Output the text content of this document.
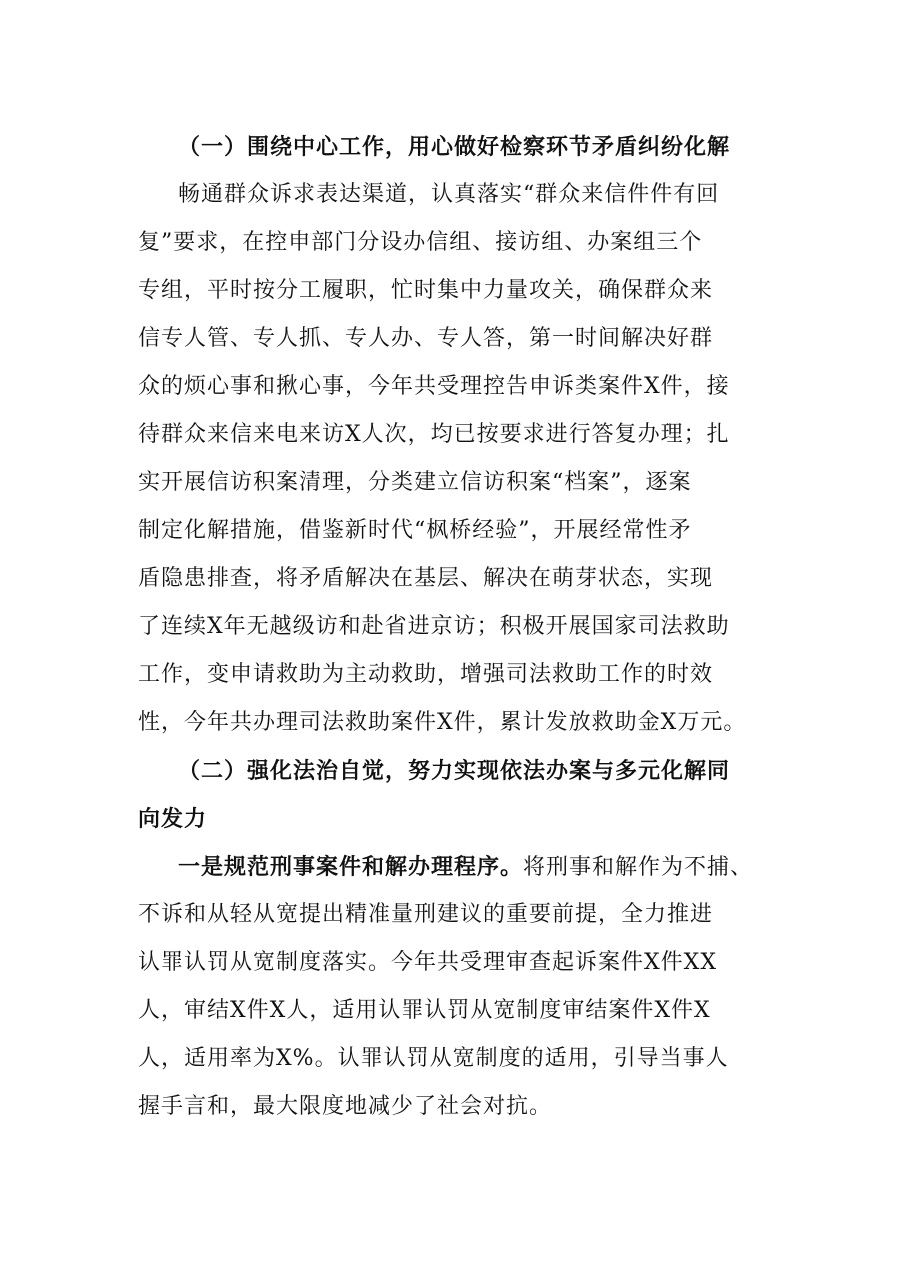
（一）围绕中心工作，用心做好检察环节矛盾纠纷化解
畅通群众诉求表达渠道，认真落实“群众来信件件有回
复”要求，在控申部门分设办信组、接访组、办案组三个
专组，平时按分工履职，忙时集中力量攻关，确保群众来
信专人管、专人抓、专人办、专人答，第一时间解决好群
众的烦心事和揪心事，今年共受理控告申诉类案件X件，接
待群众来信来电来访X人次，均已按要求进行答复办理；扎
实开展信访积案清理，分类建立信访积案“档案”，逐案
制定化解措施，借鉴新时代“枫桥经验”，开展经常性矛
盾隐患排查，将矛盾解决在基层、解决在萌芽状态，实现
了连续X年无越级访和赴省进京访；积极开展国家司法救助
工作，变申请救助为主动救助，增强司法救助工作的时效
性，今年共办理司法救助案件X件，累计发放救助金X万元。
（二）强化法治自觉，努力实现依法办案与多元化解同
向发力
一是规范刑事案件和解办理程序。将刑事和解作为不捕、
不诉和从轻从宽提出精准量刑建议的重要前提，全力推进
认罪认罚从宽制度落实。今年共受理审查起诉案件X件XX
人，审结X件X人，适用认罪认罚从宽制度审结案件X件X
人，适用率为X%。认罪认罚从宽制度的适用，引导当事人
握手言和，最大限度地减少了社会对抗。
